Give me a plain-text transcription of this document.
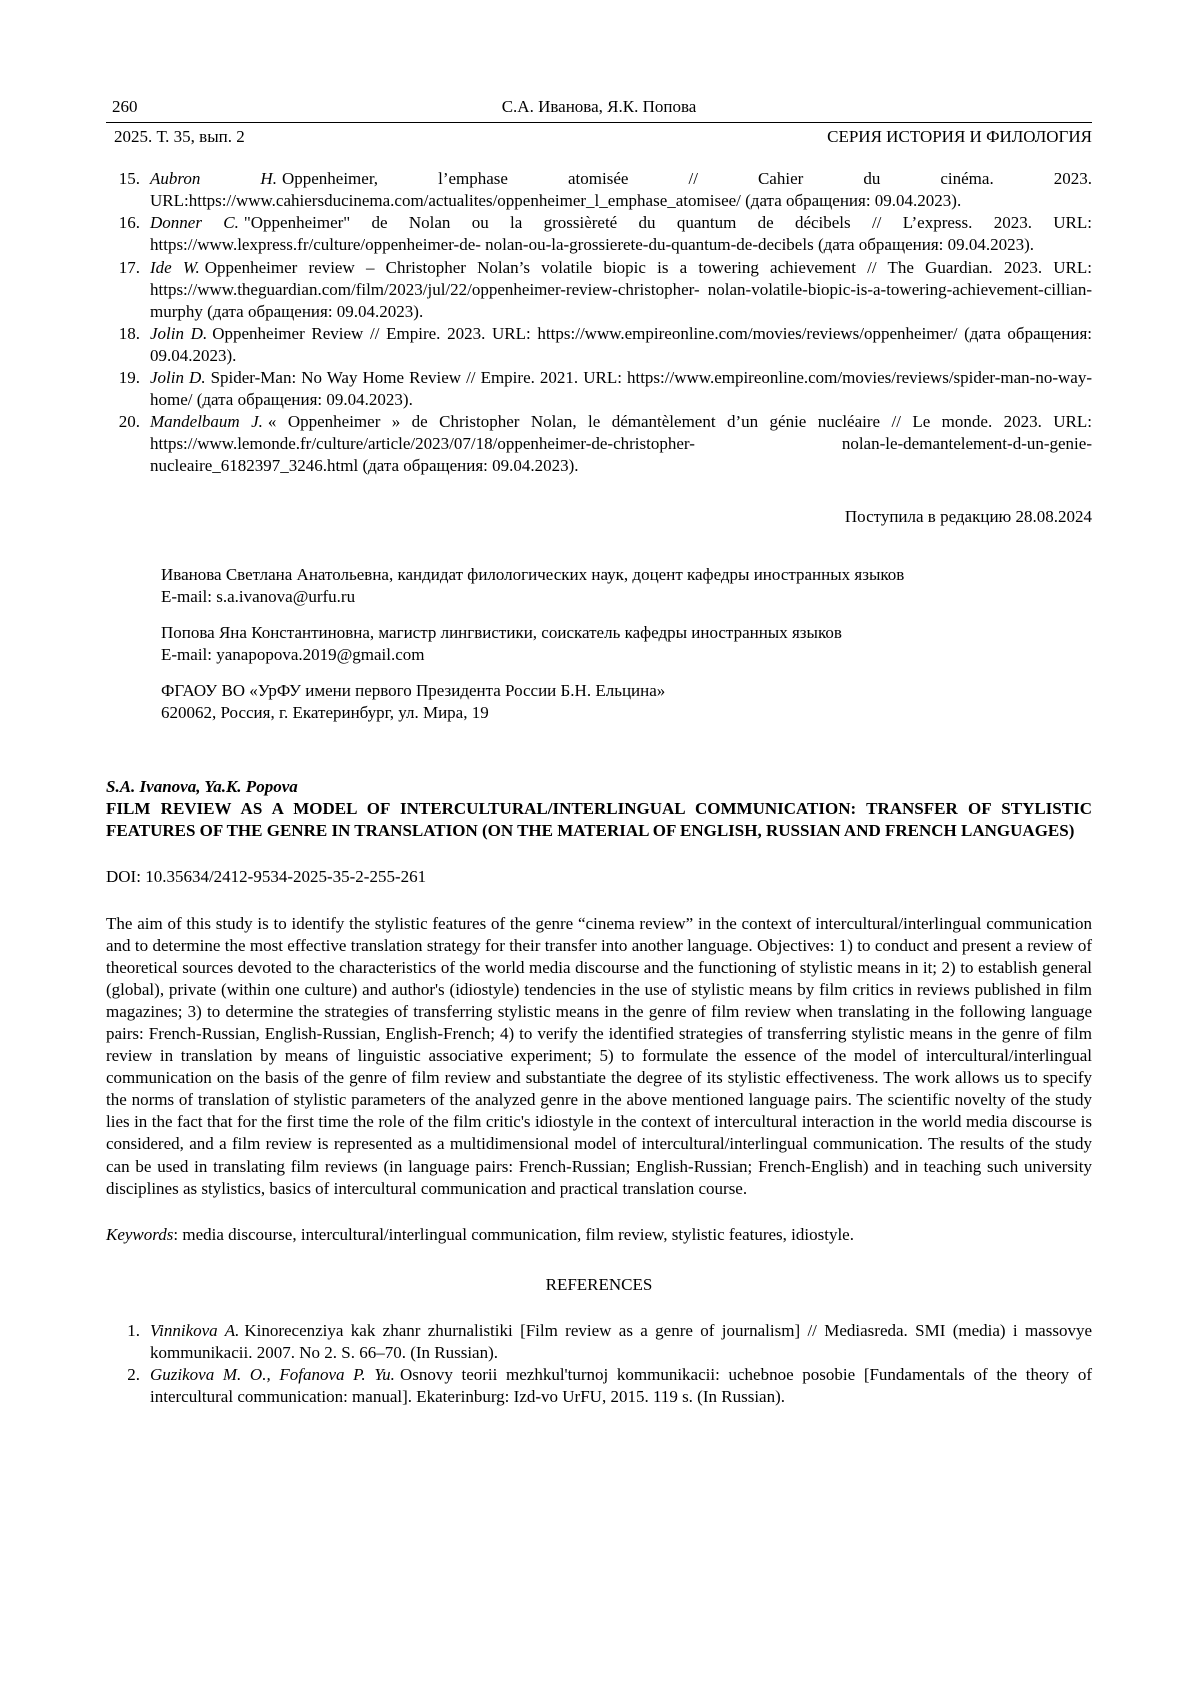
260	С.А. Иванова, Я.К. Попова
2025. Т. 35, вып. 2	СЕРИЯ ИСТОРИЯ И ФИЛОЛОГИЯ
15. Aubron H. Oppenheimer, l’emphase atomisée // Cahier du cinéma. 2023. URL:https://www.cahiersducinema.com/actualites/oppenheimer_l_emphase_atomisee/ (дата обращения: 09.04.2023).
16. Donner C. "Oppenheimer" de Nolan ou la grossièreté du quantum de décibels // L’express. 2023. URL: https://www.lexpress.fr/culture/oppenheimer-de- nolan-ou-la-grossierete-du-quantum-de-decibels (дата обращения: 09.04.2023).
17. Ide W. Oppenheimer review – Christopher Nolan’s volatile biopic is a towering achievement // The Guardian. 2023. URL: https://www.theguardian.com/film/2023/jul/22/oppenheimer-review-christopher- nolan-volatile-biopic-is-a-towering-achievement-cillian-murphy (дата обращения: 09.04.2023).
18. Jolin D. Oppenheimer Review // Empire. 2023. URL: https://www.empireonline.com/movies/reviews/oppenheimer/ (дата обращения: 09.04.2023).
19. Jolin D. Spider-Man: No Way Home Review // Empire. 2021. URL: https://www.empireonline.com/movies/reviews/spider-man-no-way-home/ (дата обращения: 09.04.2023).
20. Mandelbaum J. « Oppenheimer » de Christopher Nolan, le démantèlement d’un génie nucléaire // Le monde. 2023. URL: https://www.lemonde.fr/culture/article/2023/07/18/oppenheimer-de-christopher- nolan-le-demantelement-d-un-genie-nucleaire_6182397_3246.html (дата обращения: 09.04.2023).

Поступила в редакцию 28.08.2024

Иванова Светлана Анатольевна, кандидат филологических наук, доцент кафедры иностранных языков
E-mail: s.a.ivanova@urfu.ru
Попова Яна Константиновна, магистр лингвистики, соискатель кафедры иностранных языков
E-mail: yanapopova.2019@gmail.com
ФГАОУ ВО «УрФУ имени первого Президента России Б.Н. Ельцина»
620062, Россия, г. Екатеринбург, ул. Мира, 19

S.A. Ivanova, Ya.K. Popova

FILM REVIEW AS A MODEL OF INTERCULTURAL/INTERLINGUAL COMMUNICATION: TRANSFER OF STYLISTIC FEATURES OF THE GENRE IN TRANSLATION (ON THE MATERIAL OF ENGLISH, RUSSIAN AND FRENCH LANGUAGES)

DOI: 10.35634/2412-9534-2025-35-2-255-261

The aim of this study is to identify the stylistic features of the genre “cinema review” in the context of intercultural/interlingual communication and to determine the most effective translation strategy for their transfer into another language. Objectives: 1) to conduct and present a review of theoretical sources devoted to the characteristics of the world media discourse and the functioning of stylistic means in it; 2) to establish general (global), private (within one culture) and author's (idiostyle) tendencies in the use of stylistic means by film critics in reviews published in film magazines; 3) to determine the strategies of transferring stylistic means in the genre of film review when translating in the following language pairs: French-Russian, English-Russian, English-French; 4) to verify the identified strategies of transferring stylistic means in the genre of film review in translation by means of linguistic associative experiment; 5) to formulate the essence of the model of intercultural/interlingual communication on the basis of the genre of film review and substantiate the degree of its stylistic effectiveness. The work allows us to specify the norms of translation of stylistic parameters of the analyzed genre in the above mentioned language pairs. The scientific novelty of the study lies in the fact that for the first time the role of the film critic's idiostyle in the context of intercultural interaction in the world media discourse is considered, and a film review is represented as a multidimensional model of intercultural/interlingual communication. The results of the study can be used in translating film reviews (in language pairs: French-Russian; English-Russian; French-English) and in teaching such university disciplines as stylistics, basics of intercultural communication and practical translation course.

Keywords: media discourse, intercultural/interlingual communication, film review, stylistic features, idiostyle.

REFERENCES

1. Vinnikova A. Kinorecenziya kak zhanr zhurnalistiki [Film review as a genre of journalism] // Mediasreda. SMI (media) i massovye kommunikacii. 2007. No 2. S. 66–70. (In Russian).
2. Guzikova M. O., Fofanova P. Yu. Osnovy teorii mezhkul'turnoj kommunikacii: uchebnoe posobie [Fundamentals of the theory of intercultural communication: manual]. Ekaterinburg: Izd-vo UrFU, 2015. 119 s. (In Russian).
